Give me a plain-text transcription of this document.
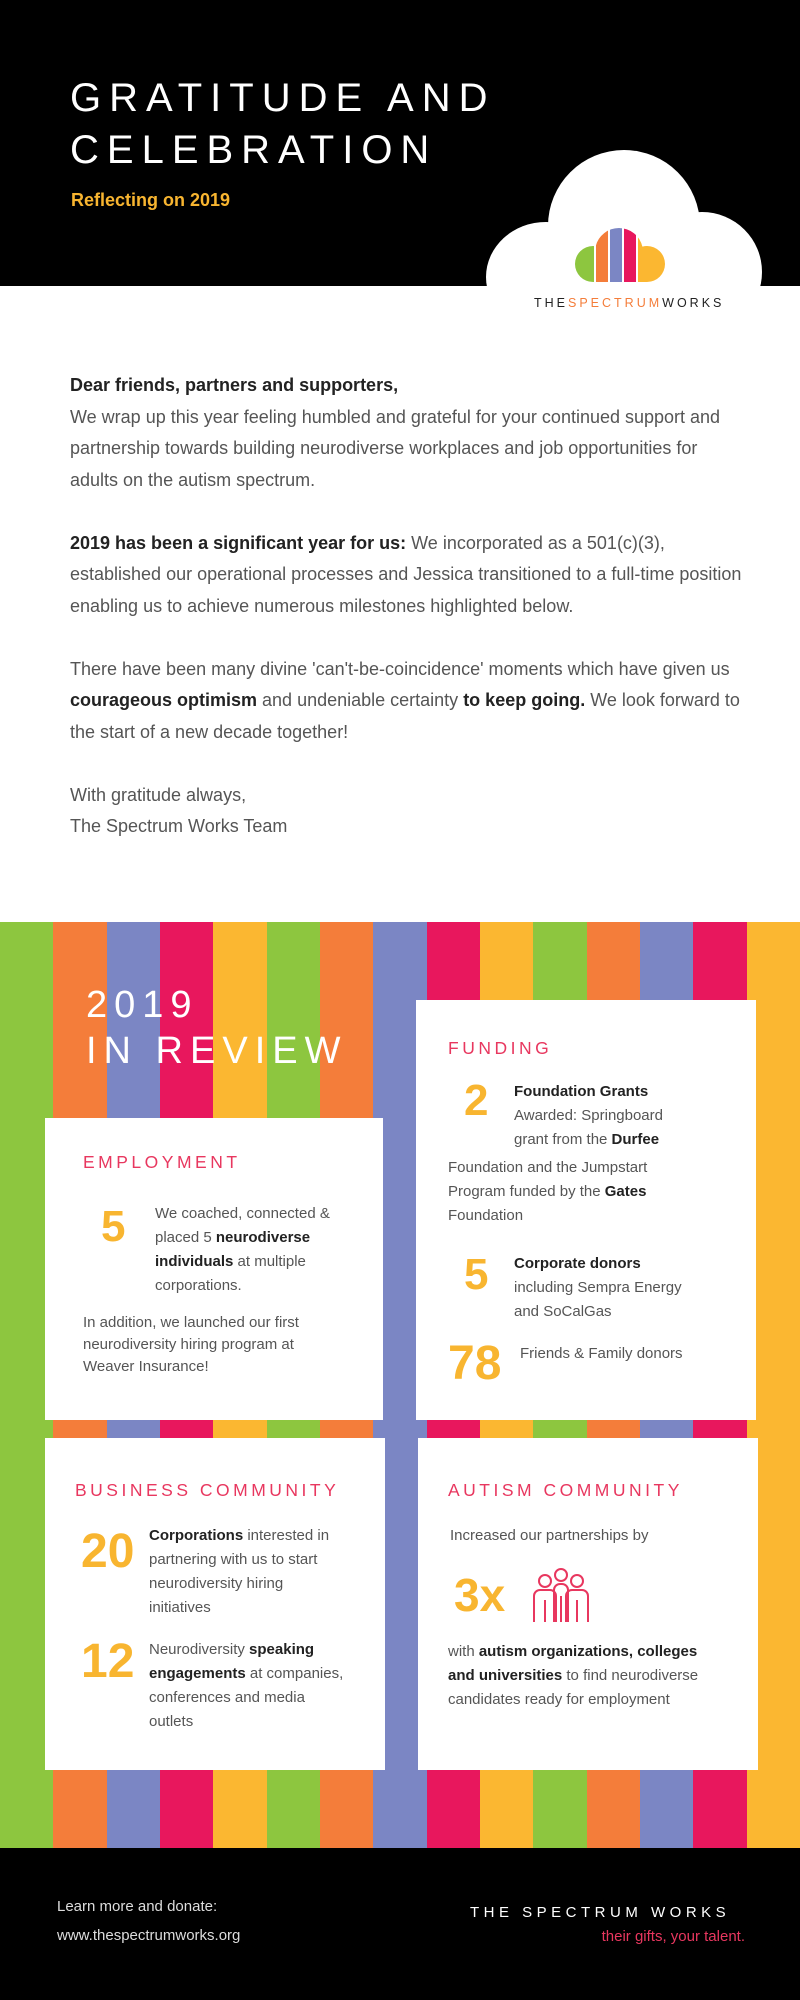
GRATITUDE AND
CELEBRATION
Reflecting on 2019
THESPECTRUMWORKS

Dear friends, partners and supporters,
We wrap up this year feeling humbled and grateful for your continued support and partnership towards building neurodiverse workplaces and job opportunities for adults on the autism spectrum.

2019 has been a significant year for us: We incorporated as a 501(c)(3), established our operational processes and Jessica transitioned to a full-time position enabling us to achieve numerous milestones highlighted below.

There have been many divine 'can't-be-coincidence' moments which have given us courageous optimism and undeniable certainty to keep going. We look forward to the start of a new decade together!

With gratitude always,
The Spectrum Works Team

2019
IN REVIEW
EMPLOYMENT
5 We coached, connected & placed 5 neurodiverse individuals at multiple corporations.
In addition, we launched our first neurodiversity hiring program at Weaver Insurance!
FUNDING
2 Foundation Grants
Awarded: Springboard grant from the Durfee
Foundation and the Jumpstart Program funded by the Gates
Foundation
5 Corporate donors
including Sempra Energy and SoCalGas
78 Friends & Family donors
BUSINESS COMMUNITY
20 Corporations interested in partnering with us to start neurodiversity hiring initiatives
12 Neurodiversity speaking engagements at companies, conferences and media outlets
AUTISM COMMUNITY
Increased our partnerships by
3x
with autism organizations, colleges and universities to find neurodiverse candidates ready for employment
Learn more and donate:
www.thespectrumworks.org
THE SPECTRUM WORKS
their gifts, your talent.
